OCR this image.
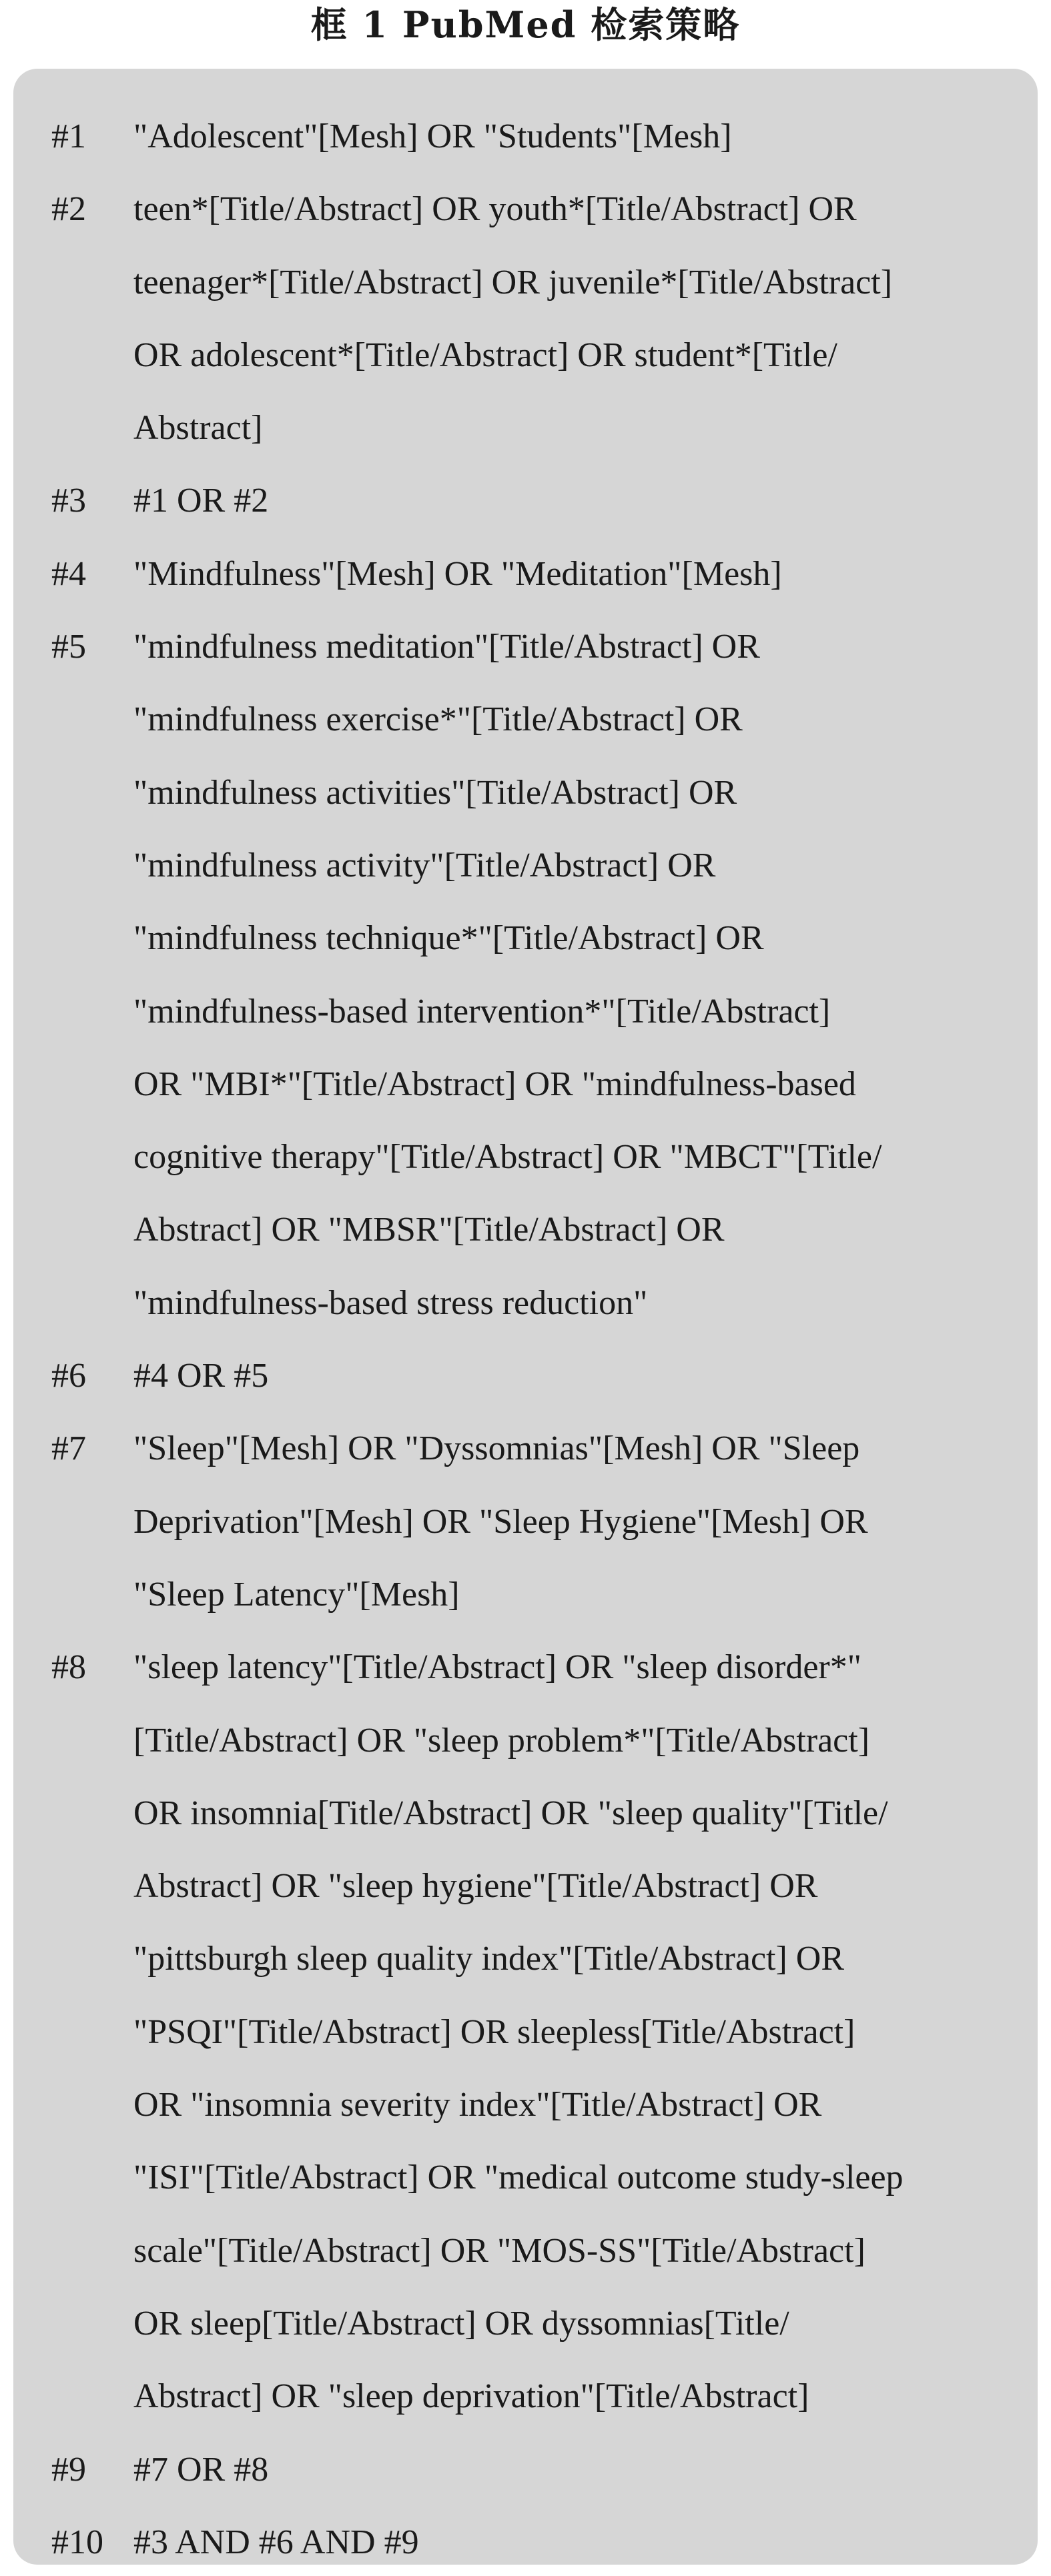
框 1 PubMed 检索策略
#1	"Adolescent"[Mesh] OR "Students"[Mesh]
#2	teen*[Title/Abstract] OR youth*[Title/Abstract] OR
teenager*[Title/Abstract] OR juvenile*[Title/Abstract]
OR adolescent*[Title/Abstract] OR student*[Title/
Abstract]
#3	#1 OR #2
#4	"Mindfulness"[Mesh] OR "Meditation"[Mesh]
#5	"mindfulness meditation"[Title/Abstract] OR
"mindfulness exercise*"[Title/Abstract] OR
"mindfulness activities"[Title/Abstract] OR
"mindfulness activity"[Title/Abstract] OR
"mindfulness technique*"[Title/Abstract] OR
"mindfulness-based intervention*"[Title/Abstract]
OR "MBI*"[Title/Abstract] OR "mindfulness-based
cognitive therapy"[Title/Abstract] OR "MBCT"[Title/
Abstract] OR "MBSR"[Title/Abstract] OR
"mindfulness-based stress reduction"
#6	#4 OR #5
#7	"Sleep"[Mesh] OR "Dyssomnias"[Mesh] OR "Sleep
Deprivation"[Mesh] OR "Sleep Hygiene"[Mesh] OR
"Sleep Latency"[Mesh]
#8	"sleep latency"[Title/Abstract] OR "sleep disorder*"
[Title/Abstract] OR "sleep problem*"[Title/Abstract]
OR insomnia[Title/Abstract] OR "sleep quality"[Title/
Abstract] OR "sleep hygiene"[Title/Abstract] OR
"pittsburgh sleep quality index"[Title/Abstract] OR
"PSQI"[Title/Abstract] OR sleepless[Title/Abstract]
OR "insomnia severity index"[Title/Abstract] OR
"ISI"[Title/Abstract] OR "medical outcome study-sleep
scale"[Title/Abstract] OR "MOS-SS"[Title/Abstract]
OR sleep[Title/Abstract] OR dyssomnias[Title/
Abstract] OR "sleep deprivation"[Title/Abstract]
#9	#7 OR #8
#10 #3 AND #6 AND #9
